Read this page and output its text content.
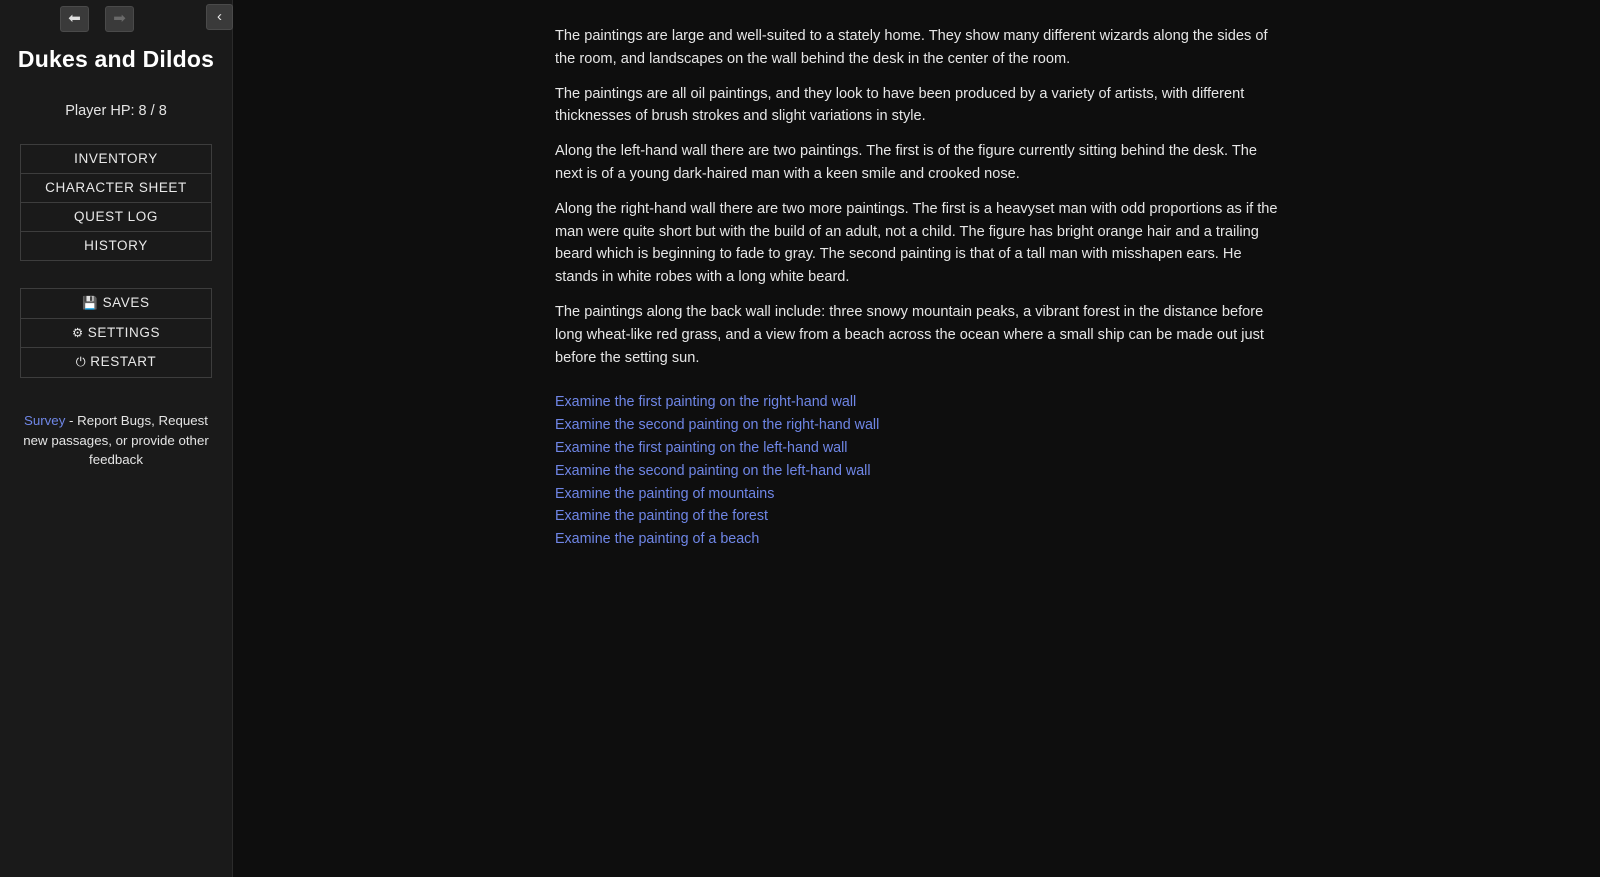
⬅	➡	‹
Dukes and Dildos
Player HP: 8 / 8
INVENTORY
CHARACTER SHEET
QUEST LOG
HISTORY
💾 SAVES
⚙ SETTINGS
⏻ RESTART
Survey - Report Bugs, Request new passages, or provide other feedback

The paintings are large and well-suited to a stately home. They show many different wizards along the sides of the room, and landscapes on the wall behind the desk in the center of the room.

The paintings are all oil paintings, and they look to have been produced by a variety of artists, with different thicknesses of brush strokes and slight variations in style.

Along the left-hand wall there are two paintings. The first is of the figure currently sitting behind the desk. The next is of a young dark-haired man with a keen smile and crooked nose.

Along the right-hand wall there are two more paintings. The first is a heavyset man with odd proportions as if the man were quite short but with the build of an adult, not a child. The figure has bright orange hair and a trailing beard which is beginning to fade to gray. The second painting is that of a tall man with misshapen ears. He stands in white robes with a long white beard.

The paintings along the back wall include: three snowy mountain peaks, a vibrant forest in the distance before long wheat-like red grass, and a view from a beach across the ocean where a small ship can be made out just before the setting sun.

Examine the first painting on the right-hand wall
Examine the second painting on the right-hand wall
Examine the first painting on the left-hand wall
Examine the second painting on the left-hand wall
Examine the painting of mountains
Examine the painting of the forest
Examine the painting of a beach
